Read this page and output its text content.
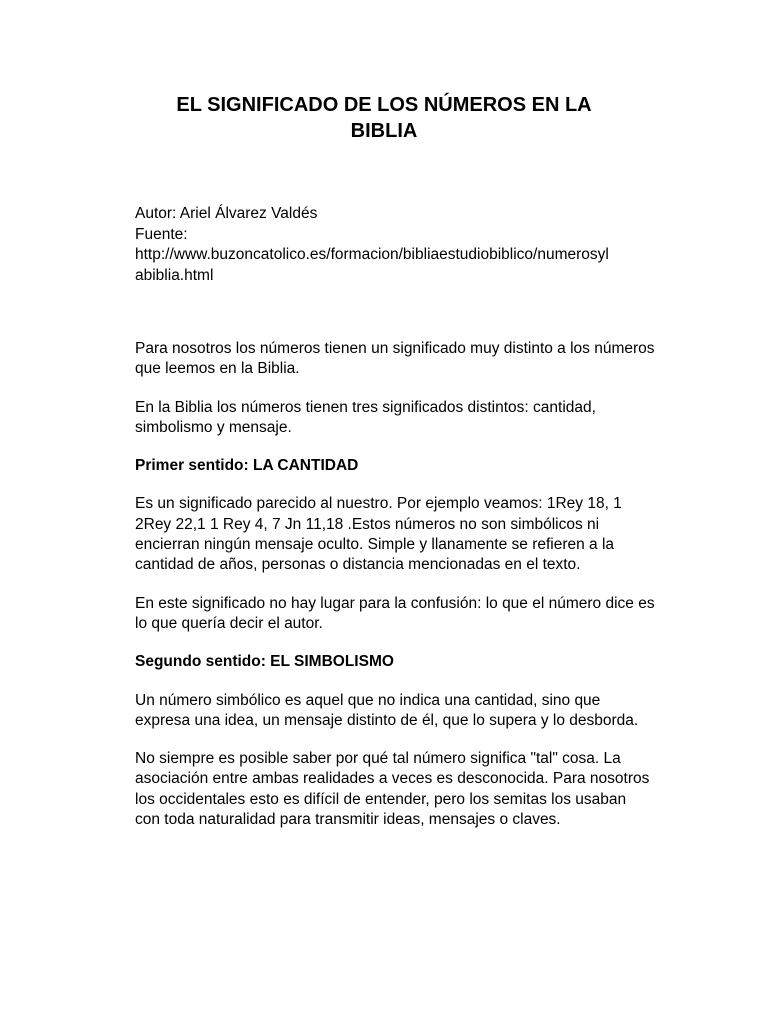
EL SIGNIFICADO DE LOS NÚMEROS EN LA
BIBLIA
Autor: Ariel Álvarez Valdés
Fuente:
http://www.buzoncatolico.es/formacion/bibliaestudiobiblico/numerosyl
abiblia.html

Para nosotros los números tienen un significado muy distinto a los números que leemos en la Biblia.

En la Biblia los números tienen tres significados distintos: cantidad, simbolismo y mensaje.

Primer sentido: LA CANTIDAD

Es un significado parecido al nuestro. Por ejemplo veamos: 1Rey 18, 1 2Rey 22,1 1 Rey 4, 7 Jn 11,18 .Estos números no son simbólicos ni encierran ningún mensaje oculto. Simple y llanamente se refieren a la cantidad de años, personas o distancia mencionadas en el texto.

En este significado no hay lugar para la confusión: lo que el número dice es lo que quería decir el autor.

Segundo sentido: EL SIMBOLISMO

Un número simbólico es aquel que no indica una cantidad, sino que expresa una idea, un mensaje distinto de él, que lo supera y lo desborda.

No siempre es posible saber por qué tal número significa "tal" cosa. La asociación entre ambas realidades a veces es desconocida. Para nosotros los occidentales esto es difícil de entender, pero los semitas los usaban con toda naturalidad para transmitir ideas, mensajes o claves.
